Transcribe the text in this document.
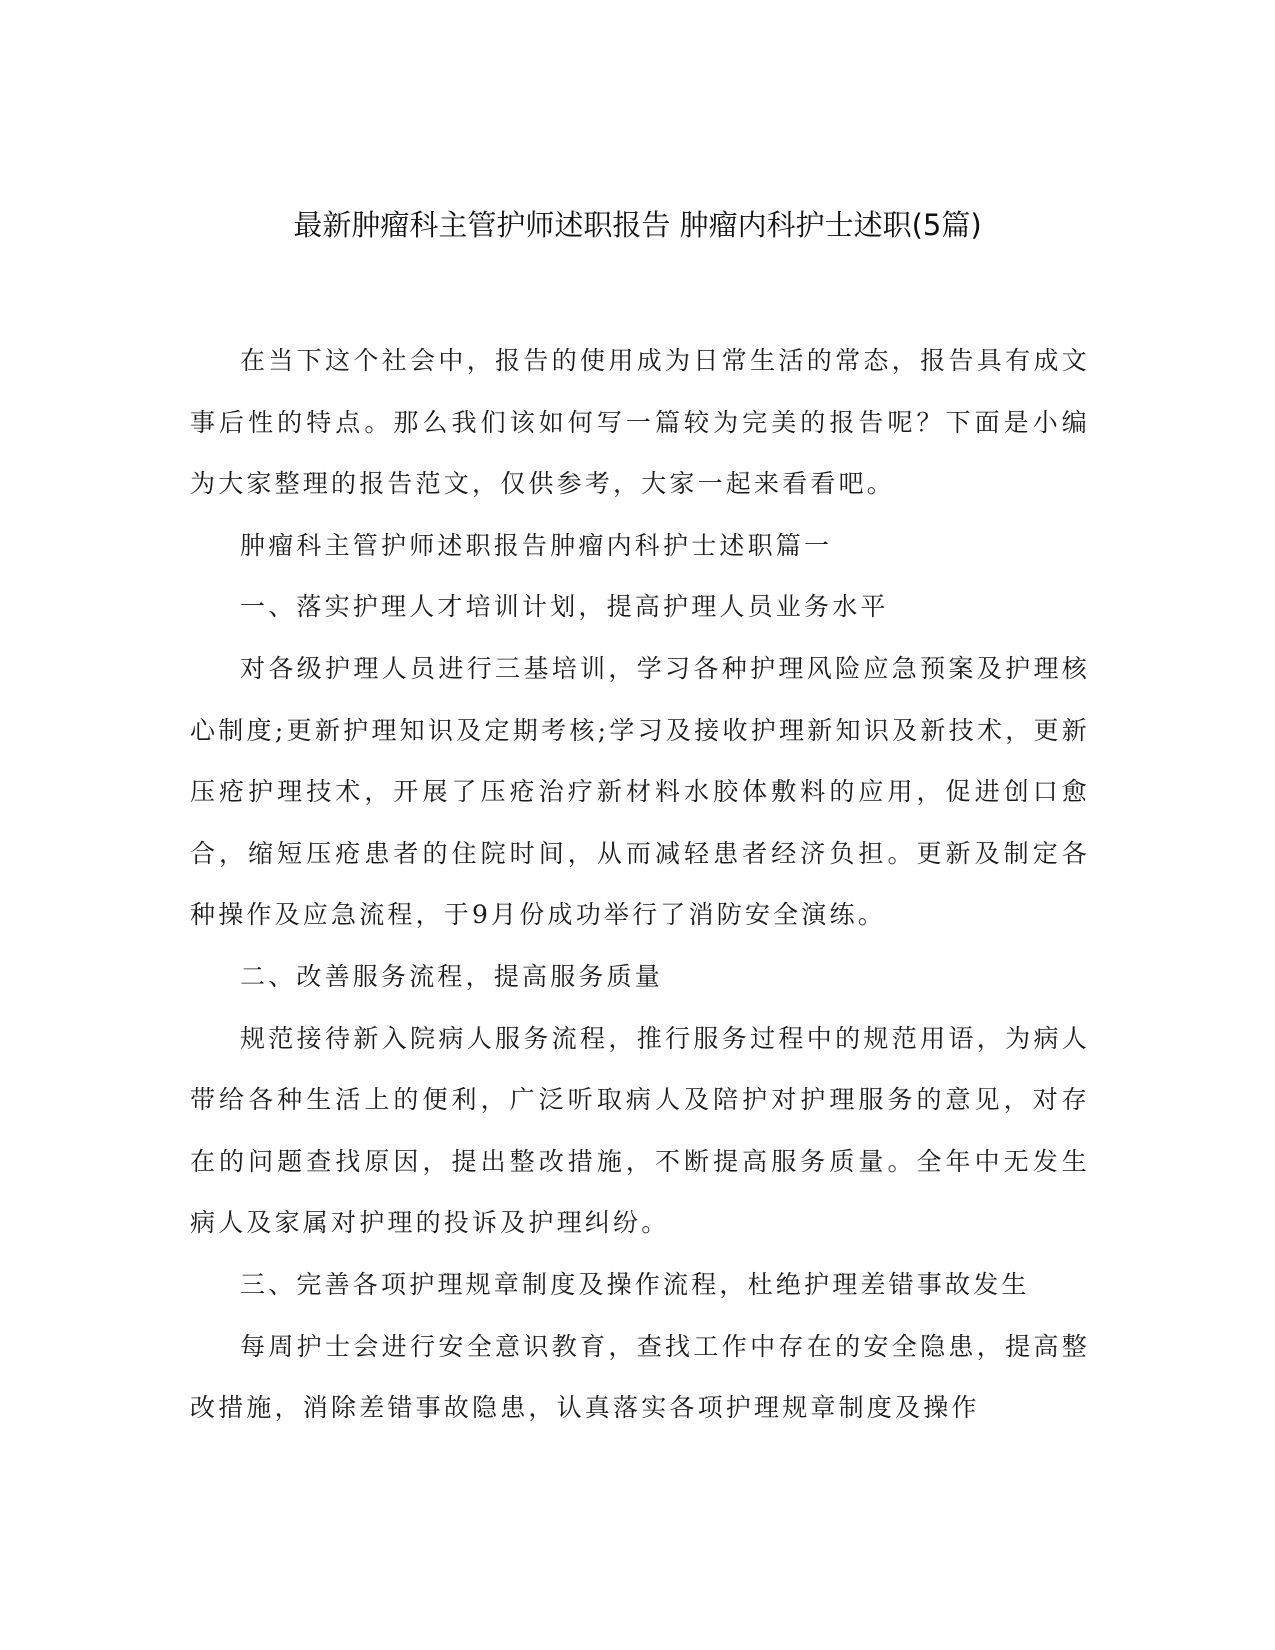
最新肿瘤科主管护师述职报告 肿瘤内科护士述职(5篇)

在当下这个社会中，报告的使用成为日常生活的常态，报告具有成文事后性的特点。那么我们该如何写一篇较为完美的报告呢？下面是小编为大家整理的报告范文，仅供参考，大家一起来看看吧。

肿瘤科主管护师述职报告肿瘤内科护士述职篇一

一、落实护理人才培训计划，提高护理人员业务水平

对各级护理人员进行三基培训，学习各种护理风险应急预案及护理核心制度;更新护理知识及定期考核;学习及接收护理新知识及新技术，更新压疮护理技术，开展了压疮治疗新材料水胶体敷料的应用，促进创口愈合，缩短压疮患者的住院时间，从而减轻患者经济负担。更新及制定各种操作及应急流程，于9月份成功举行了消防安全演练。

二、改善服务流程，提高服务质量

规范接待新入院病人服务流程，推行服务过程中的规范用语，为病人带给各种生活上的便利，广泛听取病人及陪护对护理服务的意见，对存在的问题查找原因，提出整改措施，不断提高服务质量。全年中无发生病人及家属对护理的投诉及护理纠纷。

三、完善各项护理规章制度及操作流程，杜绝护理差错事故发生

每周护士会进行安全意识教育，查找工作中存在的安全隐患，提高整改措施，消除差错事故隐患，认真落实各项护理规章制度及操作
